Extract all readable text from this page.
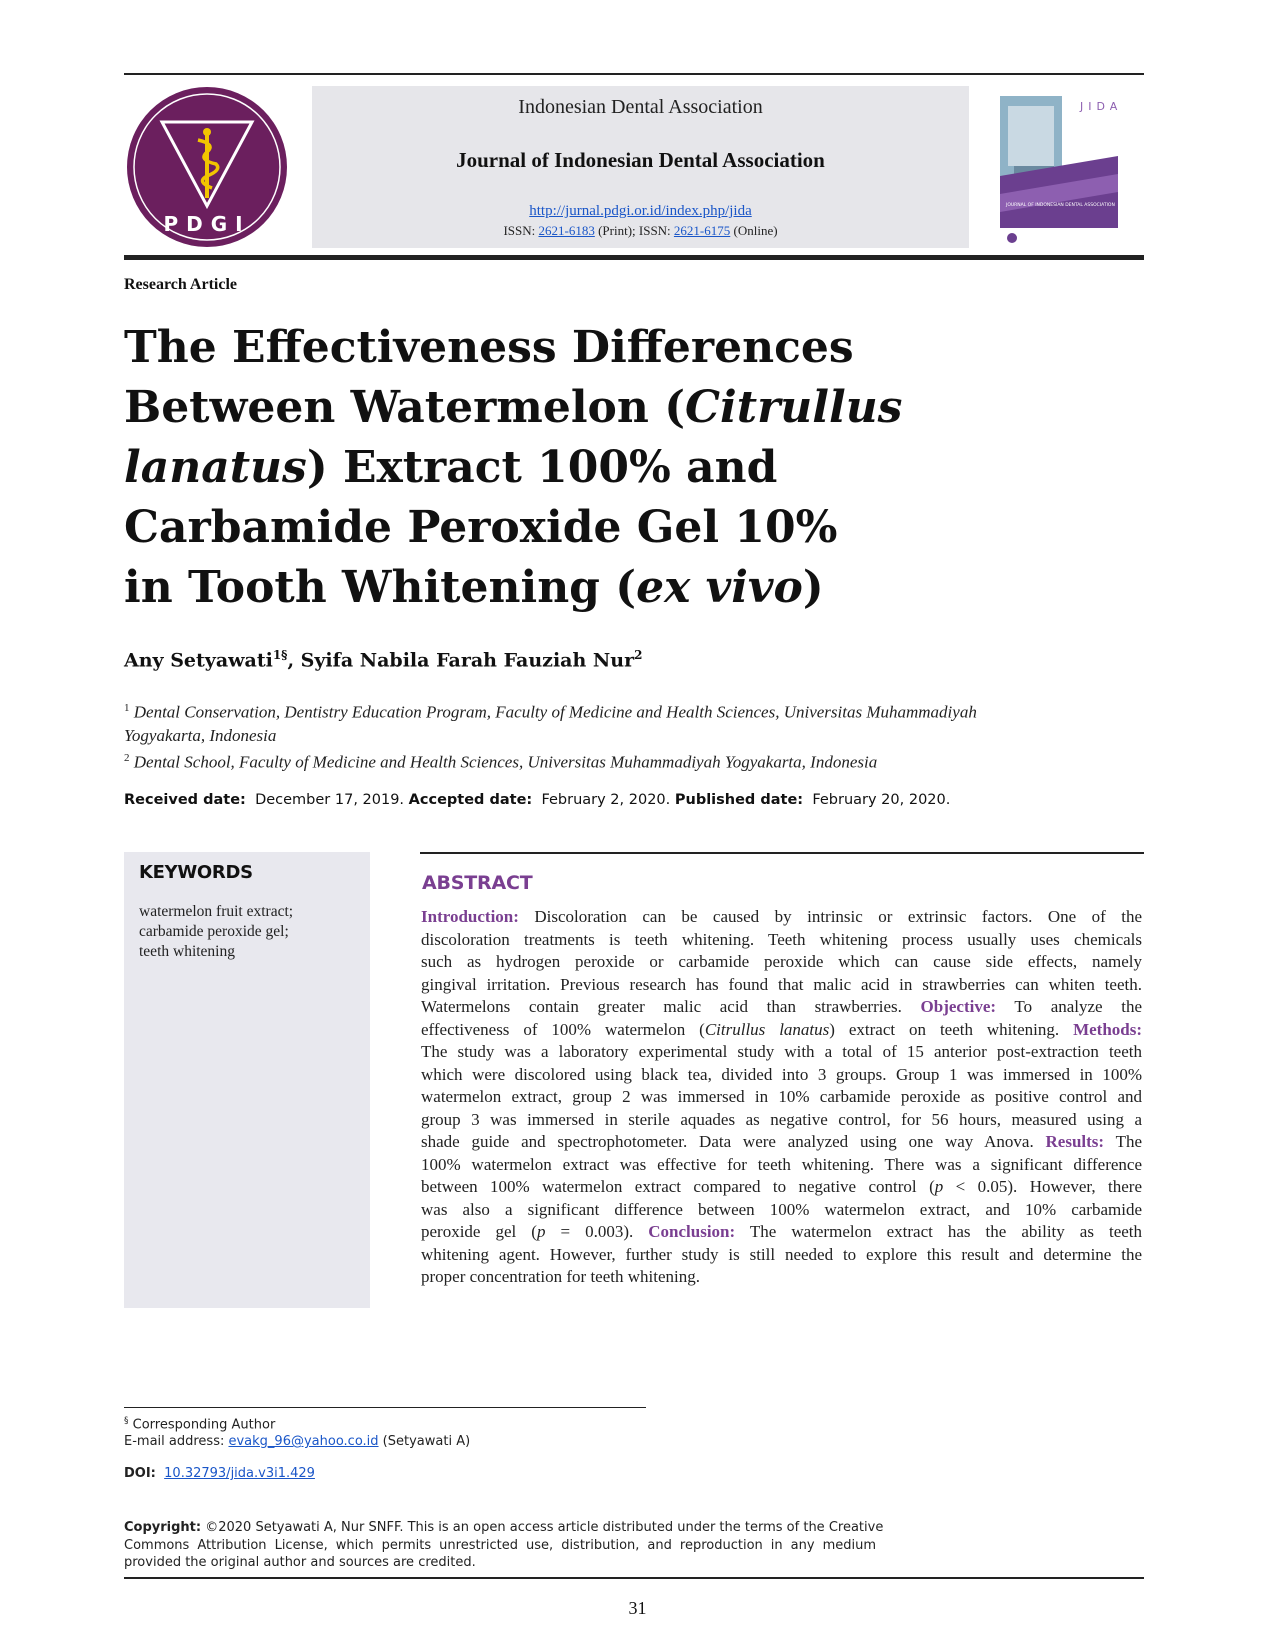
PDGI
Indonesian Dental Association
Journal of Indonesian Dental Association
http://jurnal.pdgi.or.id/index.php/jida
ISSN: 2621-6183 (Print); ISSN: 2621-6175 (Online)
JIDA
JOURNAL OF INDONESIAN DENTAL ASSOCIATION
Research Article
The Effectiveness Differences
Between Watermelon (Citrullus
lanatus) Extract 100% and
Carbamide Peroxide Gel 10%
in Tooth Whitening (ex vivo)
Any Setyawati$^{1\S}$, Syifa Nabila Farah Fauziah Nur$^2$
$^1$ Dental Conservation, Dentistry Education Program, Faculty of Medicine and Health Sciences, Universitas Muhammadiyah
Yogyakarta, Indonesia
$^2$ Dental School, Faculty of Medicine and Health Sciences, Universitas Muhammadiyah Yogyakarta, Indonesia
Received date: December 17, 2019. Accepted date: February 2, 2020. Published date: February 20, 2020.
KEYWORDS
watermelon fruit extract;
carbamide peroxide gel;
teeth whitening
ABSTRACT
Introduction: Discoloration can be caused by intrinsic or extrinsic factors. One of the
discoloration treatments is teeth whitening. Teeth whitening process usually uses chemicals
such as hydrogen peroxide or carbamide peroxide which can cause side effects, namely
gingival irritation. Previous research has found that malic acid in strawberries can whiten teeth.
Watermelons contain greater malic acid than strawberries. Objective: To analyze the
effectiveness of 100% watermelon (Citrullus lanatus) extract on teeth whitening. Methods:
The study was a laboratory experimental study with a total of 15 anterior post-extraction teeth
which were discolored using black tea, divided into 3 groups. Group 1 was immersed in 100%
watermelon extract, group 2 was immersed in 10% carbamide peroxide as positive control and
group 3 was immersed in sterile aquades as negative control, for 56 hours, measured using a
shade guide and spectrophotometer. Data were analyzed using one way Anova. Results: The
100% watermelon extract was effective for teeth whitening. There was a significant difference
between 100% watermelon extract compared to negative control (p < 0.05). However, there
was also a significant difference between 100% watermelon extract, and 10% carbamide
peroxide gel (p = 0.003). Conclusion: The watermelon extract has the ability as teeth
whitening agent. However, further study is still needed to explore this result and determine the
proper concentration for teeth whitening.
§ Corresponding Author
E-mail address: evakg_96@yahoo.co.id (Setyawati A)
DOI: 10.32793/jida.v3i1.429
Copyright: ©2020 Setyawati A, Nur SNFF. This is an open access article distributed under the terms of the Creative
Commons Attribution License, which permits unrestricted use, distribution, and reproduction in any medium
provided the original author and sources are credited.
31
